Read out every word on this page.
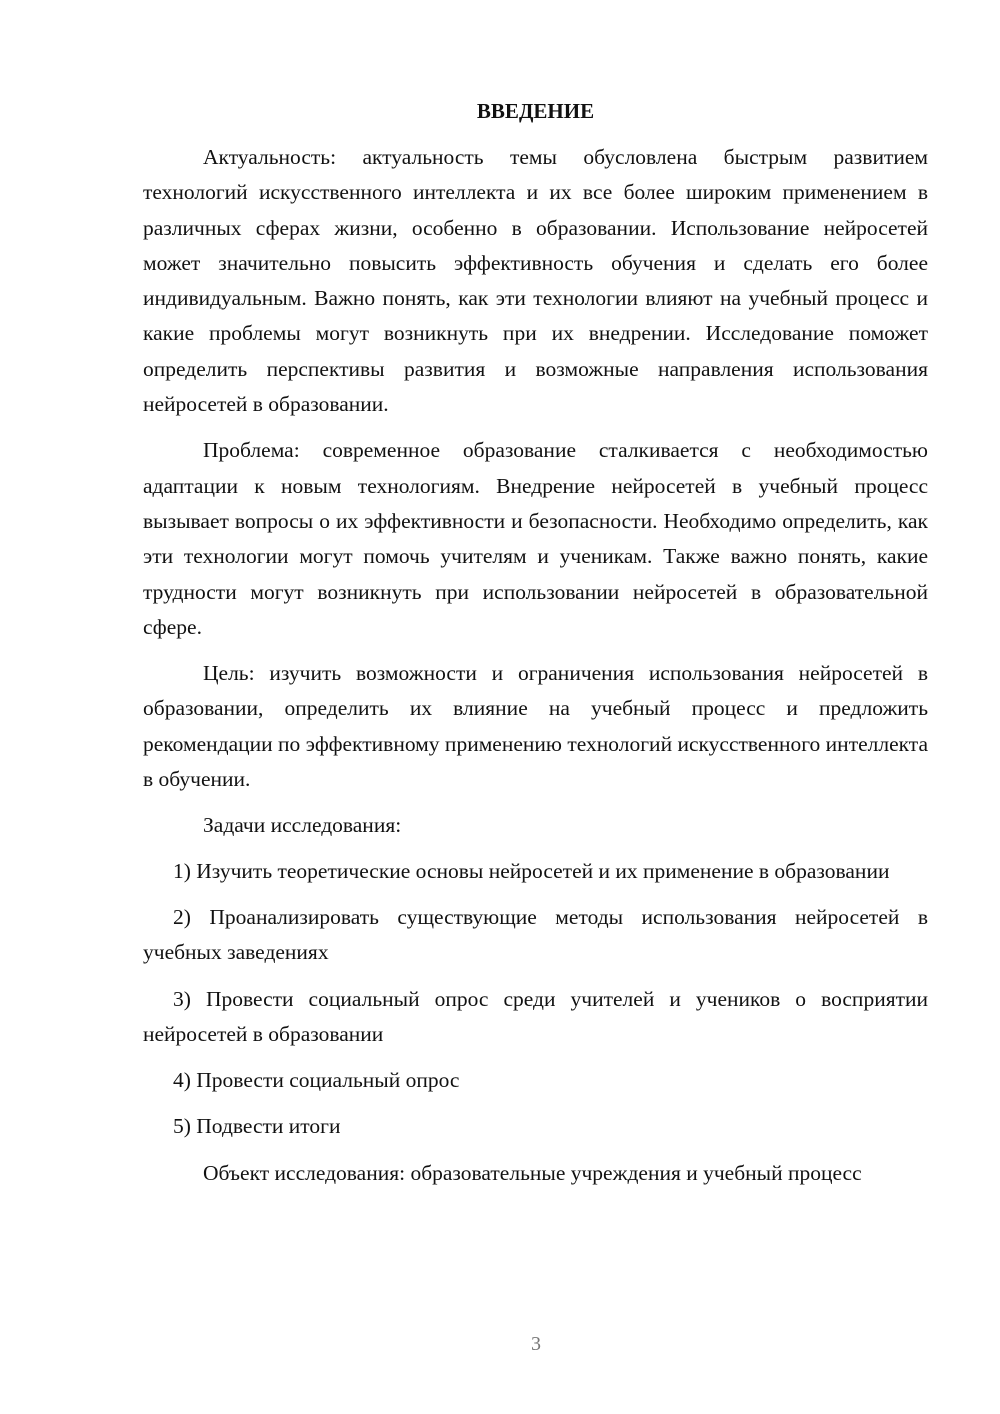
ВВЕДЕНИЕ

Актуальность: актуальность темы обусловлена быстрым развитием технологий искусственного интеллекта и их все более широким применением в различных сферах жизни, особенно в образовании. Использование нейросетей может значительно повысить эффективность обучения и сделать его более индивидуальным. Важно понять, как эти технологии влияют на учебный процесс и какие проблемы могут возникнуть при их внедрении. Исследование поможет определить перспективы развития и возможные направления использования нейросетей в образовании.

Проблема: современное образование сталкивается с необходимостью адаптации к новым технологиям. Внедрение нейросетей в учебный процесс вызывает вопросы о их эффективности и безопасности. Необходимо определить, как эти технологии могут помочь учителям и ученикам. Также важно понять, какие трудности могут возникнуть при использовании нейросетей в образовательной сфере.

Цель: изучить возможности и ограничения использования нейросетей в образовании, определить их влияние на учебный процесс и предложить рекомендации по эффективному применению технологий искусственного интеллекта в обучении.

Задачи исследования:

1) Изучить теоретические основы нейросетей и их применение в образовании

2) Проанализировать существующие методы использования нейросетей в учебных заведениях

3) Провести социальный опрос среди учителей и учеников о восприятии нейросетей в образовании

4) Провести социальный опрос

5) Подвести итоги

Объект исследования: образовательные учреждения и учебный процесс

3
